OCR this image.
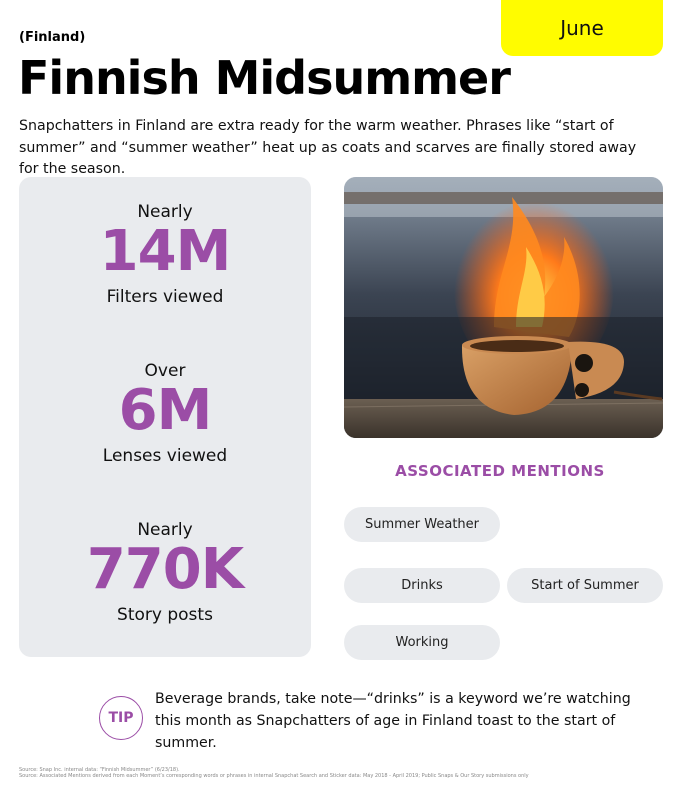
June
(Finland)
Finnish Midsummer

Snapchatters in Finland are extra ready for the warm weather. Phrases like “start of summer” and “summer weather” heat up as coats and scarves are finally stored away for the season.

Nearly
14M
Filters viewed
Over
6M
Lenses viewed
Nearly
770K
Story posts
ASSOCIATED MENTIONS
Summer Weather
Drinks	Start of Summer
Working
TIP

Beverage brands, take note—“drinks” is a keyword we’re watching this month as Snapchatters of age in Finland toast to the start of summer.

Source: Snap Inc. internal data: “Finnish Midsummer” (6/23/18).
Source: Associated Mentions derived from each Moment’s corresponding words or phrases in internal Snapchat Search and Sticker data: May 2018 - April 2019; Public Snaps & Our Story submissions only
